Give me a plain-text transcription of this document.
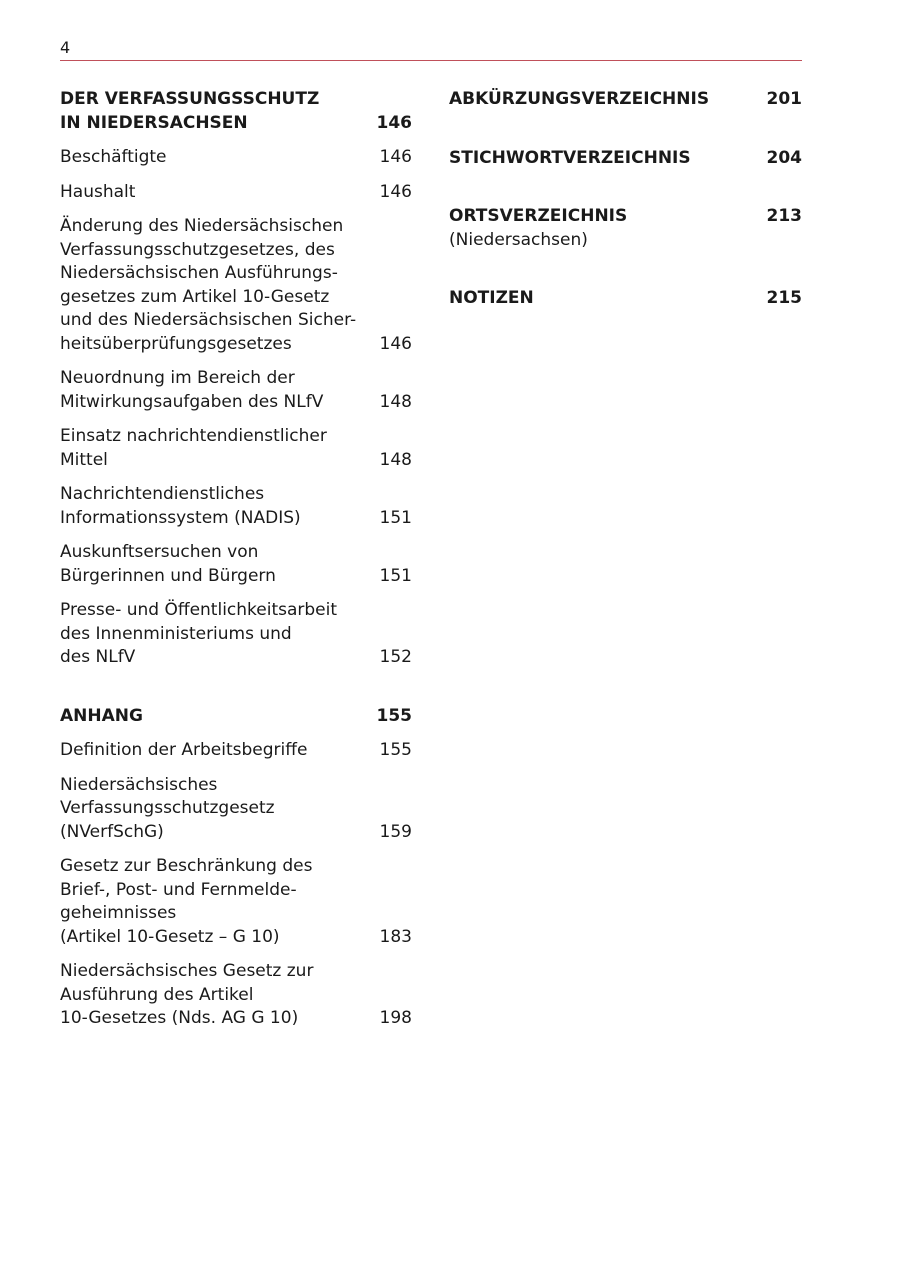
4
DER VERFASSUNGSSCHUTZ
IN NIEDERSACHSEN	146
Beschäftigte	146
Haushalt	146
Änderung des Niedersächsischen
Verfassungsschutzgesetzes, des
Niedersächsischen Ausführungs-
gesetzes zum Artikel 10-Gesetz
und des Niedersächsischen Sicher-
heitsüberprüfungsgesetzes	146
Neuordnung im Bereich der
Mitwirkungsaufgaben des NLfV	148
Einsatz nachrichtendienstlicher
Mittel	148
Nachrichtendienstliches
Informationssystem (NADIS)	151
Auskunftsersuchen von
Bürgerinnen und Bürgern	151
Presse- und Öffentlichkeitsarbeit
des Innenministeriums und
des NLfV	152
ANHANG	155
Definition der Arbeitsbegriffe	155
Niedersächsisches
Verfassungsschutzgesetz
(NVerfSchG)	159
Gesetz zur Beschränkung des
Brief-, Post- und Fernmelde-
geheimnisses
(Artikel 10-Gesetz – G 10)	183
Niedersächsisches Gesetz zur
Ausführung des Artikel
10-Gesetzes (Nds. AG G 10)	198
ABKÜRZUNGSVERZEICHNIS	201
STICHWORTVERZEICHNIS	204
ORTSVERZEICHNIS	213
(Niedersachsen)
NOTIZEN	215
